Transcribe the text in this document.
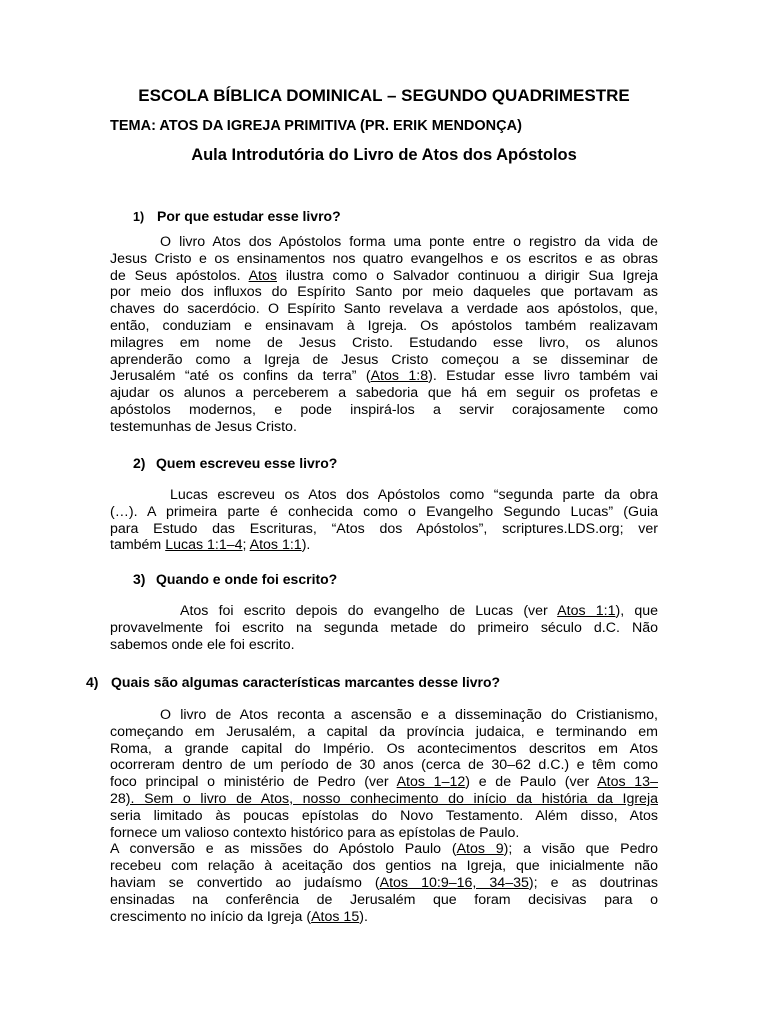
ESCOLA BÍBLICA DOMINICAL – SEGUNDO QUADRIMESTRE
TEMA: ATOS DA IGREJA PRIMITIVA (PR. ERIK MENDONÇA)
Aula Introdutória do Livro de Atos dos Apóstolos
1) Por que estudar esse livro?
O livro Atos dos Apóstolos forma uma ponte entre o registro da vida de
Jesus Cristo e os ensinamentos nos quatro evangelhos e os escritos e as obras
de Seus apóstolos. Atos ilustra como o Salvador continuou a dirigir Sua Igreja
por meio dos influxos do Espírito Santo por meio daqueles que portavam as
chaves do sacerdócio. O Espírito Santo revelava a verdade aos apóstolos, que,
então, conduziam e ensinavam à Igreja. Os apóstolos também realizavam
milagres em nome de Jesus Cristo. Estudando esse livro, os alunos
aprenderão como a Igreja de Jesus Cristo começou a se disseminar de
Jerusalém “até os confins da terra” (Atos 1:8). Estudar esse livro também vai
ajudar os alunos a perceberem a sabedoria que há em seguir os profetas e
apóstolos modernos, e pode inspirá-los a servir corajosamente como
testemunhas de Jesus Cristo.
2) Quem escreveu esse livro?
Lucas escreveu os Atos dos Apóstolos como “segunda parte da obra
(…). A primeira parte é conhecida como o Evangelho Segundo Lucas” (Guia
para Estudo das Escrituras, “Atos dos Apóstolos”, scriptures.LDS.org; ver
também Lucas 1:1–4; Atos 1:1).
3) Quando e onde foi escrito?
Atos foi escrito depois do evangelho de Lucas (ver Atos 1:1), que
provavelmente foi escrito na segunda metade do primeiro século d.C. Não
sabemos onde ele foi escrito.
4) Quais são algumas características marcantes desse livro?
O livro de Atos reconta a ascensão e a disseminação do Cristianismo,
começando em Jerusalém, a capital da província judaica, e terminando em
Roma, a grande capital do Império. Os acontecimentos descritos em Atos
ocorreram dentro de um período de 30 anos (cerca de 30–62 d.C.) e têm como
foco principal o ministério de Pedro (ver Atos 1–12) e de Paulo (ver Atos 13–
28). Sem o livro de Atos, nosso conhecimento do início da história da Igreja
seria limitado às poucas epístolas do Novo Testamento. Além disso, Atos
fornece um valioso contexto histórico para as epístolas de Paulo.
A conversão e as missões do Apóstolo Paulo (Atos 9); a visão que Pedro
recebeu com relação à aceitação dos gentios na Igreja, que inicialmente não
haviam se convertido ao judaísmo (Atos 10:9–16, 34–35); e as doutrinas
ensinadas na conferência de Jerusalém que foram decisivas para o
crescimento no início da Igreja (Atos 15).
